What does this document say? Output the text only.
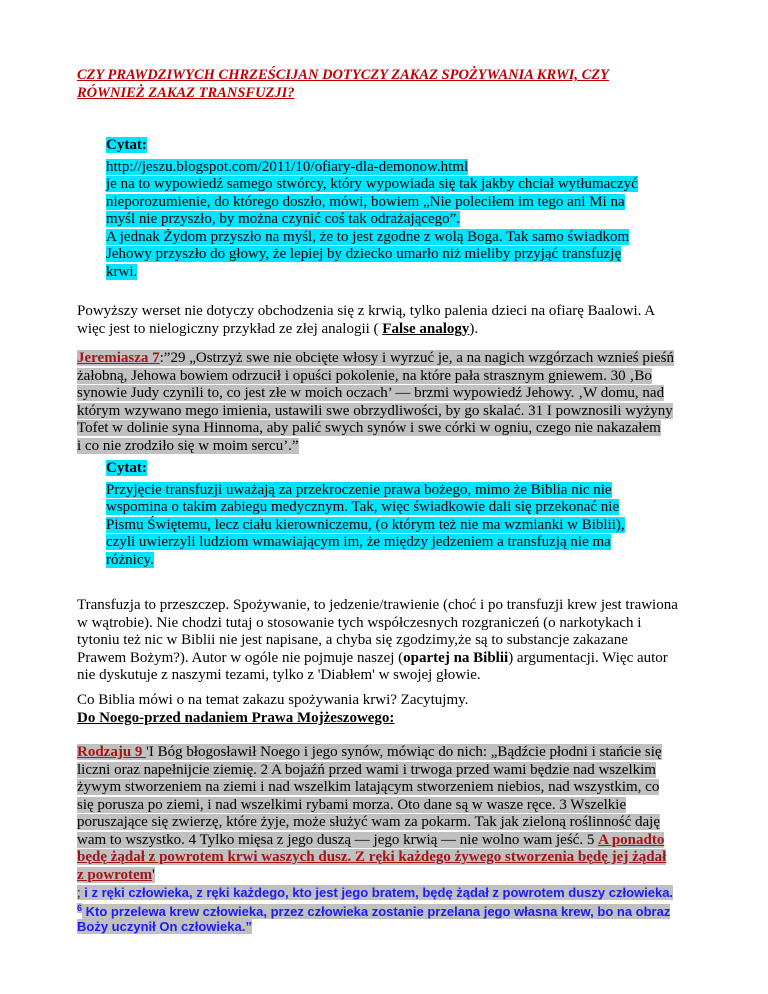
CZY PRAWDZIWYCH CHRZEŚCIJAN DOTYCZY ZAKAZ SPOŻYWANIA KRWI, CZY
RÓWNIEŻ ZAKAZ TRANSFUZJI?
Cytat:
http://jeszu.blogspot.com/2011/10/ofiary-dla-demonow.html
je na to wypowiedź samego stwórcy, który wypowiada się tak jakby chciał wytłumaczyć
nieporozumienie, do którego doszło, mówi, bowiem „Nie poleciłem im tego ani Mi na
myśl nie przyszło, by można czynić coś tak odrażającego”.
A jednak Żydom przyszło na myśl, że to jest zgodne z wolą Boga. Tak samo świadkom
Jehowy przyszło do głowy, że lepiej by dziecko umarło niż mieliby przyjąć transfuzję
krwi.
Powyższy werset nie dotyczy obchodzenia się z krwią, tylko palenia dzieci na ofiarę Baalowi. A
więc jest to nielogiczny przykład ze złej analogii ( False analogy).
Jeremiasza 7:”29 „Ostrzyż swe nie obcięte włosy i wyrzuć je, a na nagich wzgórzach wznieś pieśń
żałobną, Jehowa bowiem odrzucił i opuści pokolenie, na które pała strasznym gniewem. 30 ‚Bo
synowie Judy czynili to, co jest złe w moich oczach’ — brzmi wypowiedź Jehowy. ‚W domu, nad
którym wzywano mego imienia, ustawili swe obrzydliwości, by go skalać. 31 I powznosili wyżyny
Tofet w dolinie syna Hinnoma, aby palić swych synów i swe córki w ogniu, czego nie nakazałem
i co nie zrodziło się w moim sercu’.”
Cytat:
Przyjęcie transfuzji uważają za przekroczenie prawa bożego, mimo że Biblia nic nie
wspomina o takim zabiegu medycznym. Tak, więc świadkowie dali się przekonać nie
Pismu Świętemu, lecz ciału kierowniczemu, (o którym też nie ma wzmianki w Biblii),
czyli uwierzyli ludziom wmawiającym im, że między jedzeniem a transfuzją nie ma
różnicy.
Transfuzja to przeszczep. Spożywanie, to jedzenie/trawienie (choć i po transfuzji krew jest trawiona
w wątrobie). Nie chodzi tutaj o stosowanie tych współczesnych rozgraniczeń (o narkotykach i
tytoniu też nic w Biblii nie jest napisane, a chyba się zgodzimy,że są to substancje zakazane
Prawem Bożym?). Autor w ogóle nie pojmuje naszej (opartej na Biblii) argumentacji. Więc autor
nie dyskutuje z naszymi tezami, tylko z 'Diabłem' w swojej głowie.
Co Biblia mówi o na temat zakazu spożywania krwi? Zacytujmy.
Do Noego-przed nadaniem Prawa Mojżeszowego:
Rodzaju 9 'I Bóg błogosławił Noego i jego synów, mówiąc do nich: „Bądźcie płodni i stańcie się
liczni oraz napełnijcie ziemię. 2 A bojaźń przed wami i trwoga przed wami będzie nad wszelkim
żywym stworzeniem na ziemi i nad wszelkim latającym stworzeniem niebios, nad wszystkim, co
się porusza po ziemi, i nad wszelkimi rybami morza. Oto dane są w wasze ręce. 3 Wszelkie
poruszające się zwierzę, które żyje, może służyć wam za pokarm. Tak jak zieloną roślinność daję
wam to wszystko. 4 Tylko mięsa z jego duszą — jego krwią — nie wolno wam jeść. 5 A ponadto
będę żądał z powrotem krwi waszych dusz. Z ręki każdego żywego stworzenia będę jej żądał
z powrotem'
; i z ręki człowieka, z ręki każdego, kto jest jego bratem, będę żądał z powrotem duszy człowieka.
$^6$ Kto przelewa krew człowieka, przez człowieka zostanie przelana jego własna krew, bo na obraz
Boży uczynił On człowieka.”
